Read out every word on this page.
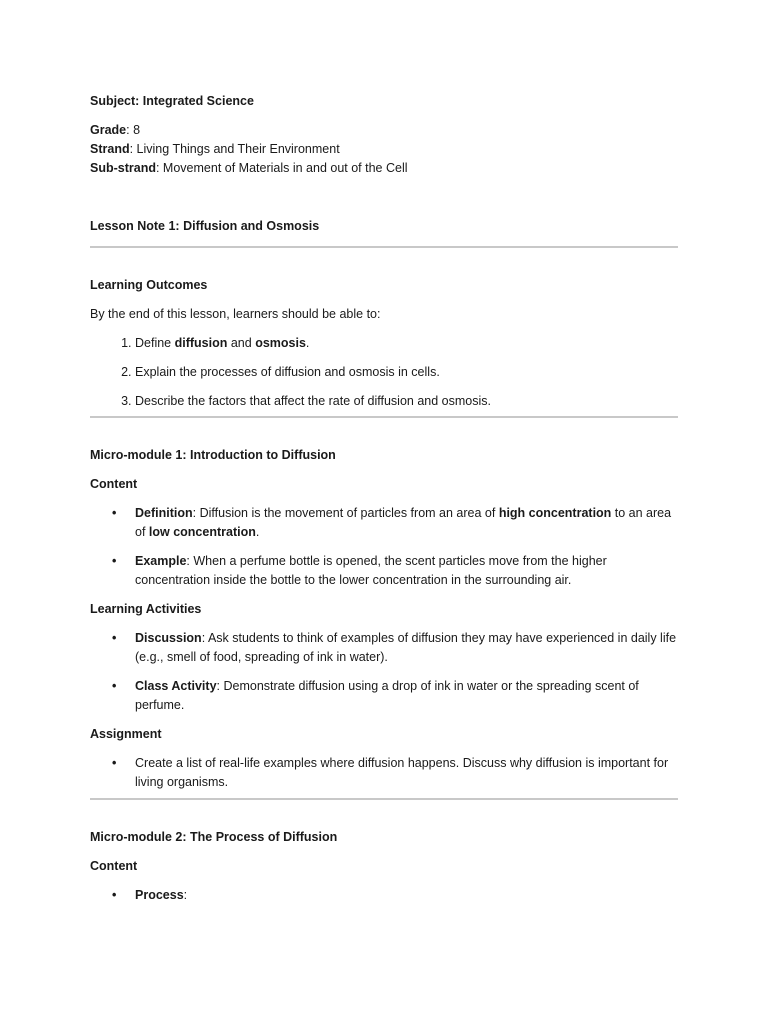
Subject: Integrated Science

Grade: 8

Strand: Living Things and Their Environment

Sub-strand: Movement of Materials in and out of the Cell

Lesson Note 1: Diffusion and Osmosis

Learning Outcomes

By the end of this lesson, learners should be able to:

1. Define diffusion and osmosis.
2. Explain the processes of diffusion and osmosis in cells.
3. Describe the factors that affect the rate of diffusion and osmosis.

Micro-module 1: Introduction to Diffusion

Content

• Definition: Diffusion is the movement of particles from an area of high concentration to an area of low concentration.
• Example: When a perfume bottle is opened, the scent particles move from the higher concentration inside the bottle to the lower concentration in the surrounding air.

Learning Activities

• Discussion: Ask students to think of examples of diffusion they may have experienced in daily life (e.g., smell of food, spreading of ink in water).
• Class Activity: Demonstrate diffusion using a drop of ink in water or the spreading scent of perfume.

Assignment

• Create a list of real-life examples where diffusion happens. Discuss why diffusion is important for living organisms.

Micro-module 2: The Process of Diffusion

Content

• Process:
